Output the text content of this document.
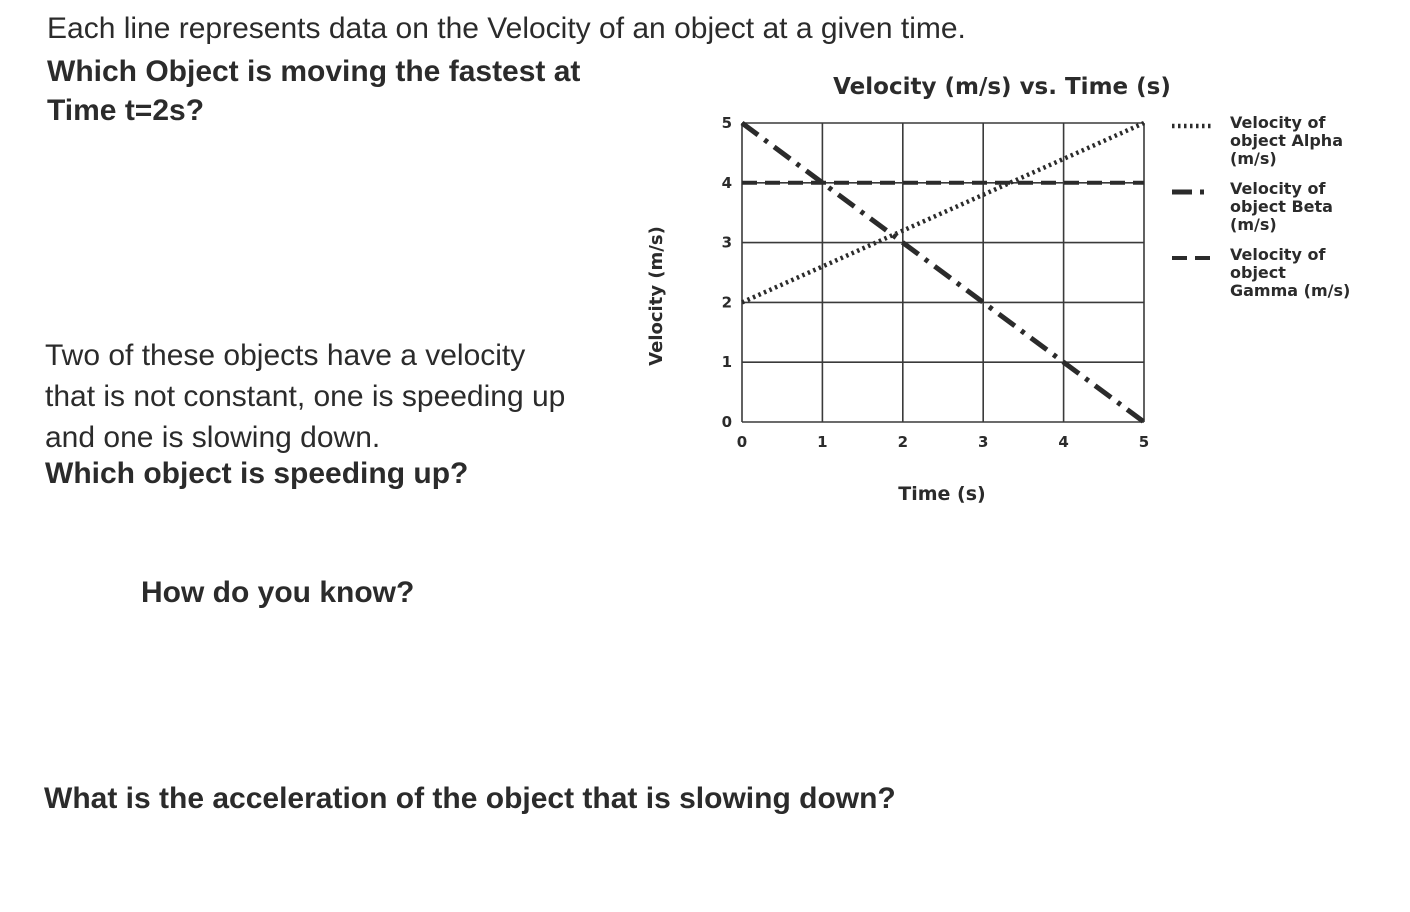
Each line represents data on the Velocity of an object at a given time.
Which Object is moving the fastest at
Time t=2s?
Two of these objects have a velocity
that is not constant, one is speeding up
and one is slowing down.
Which object is speeding up?
How do you know?
What is the acceleration of the object that is slowing down?
Velocity (m/s) vs. Time (s)
0	1	2	3	4	5
0
1
2
3
4
5
Time (s)
Velocity (m/s)
Velocity of
object Alpha
(m/s)
Velocity of
object Beta
(m/s)
Velocity of
object
Gamma (m/s)
